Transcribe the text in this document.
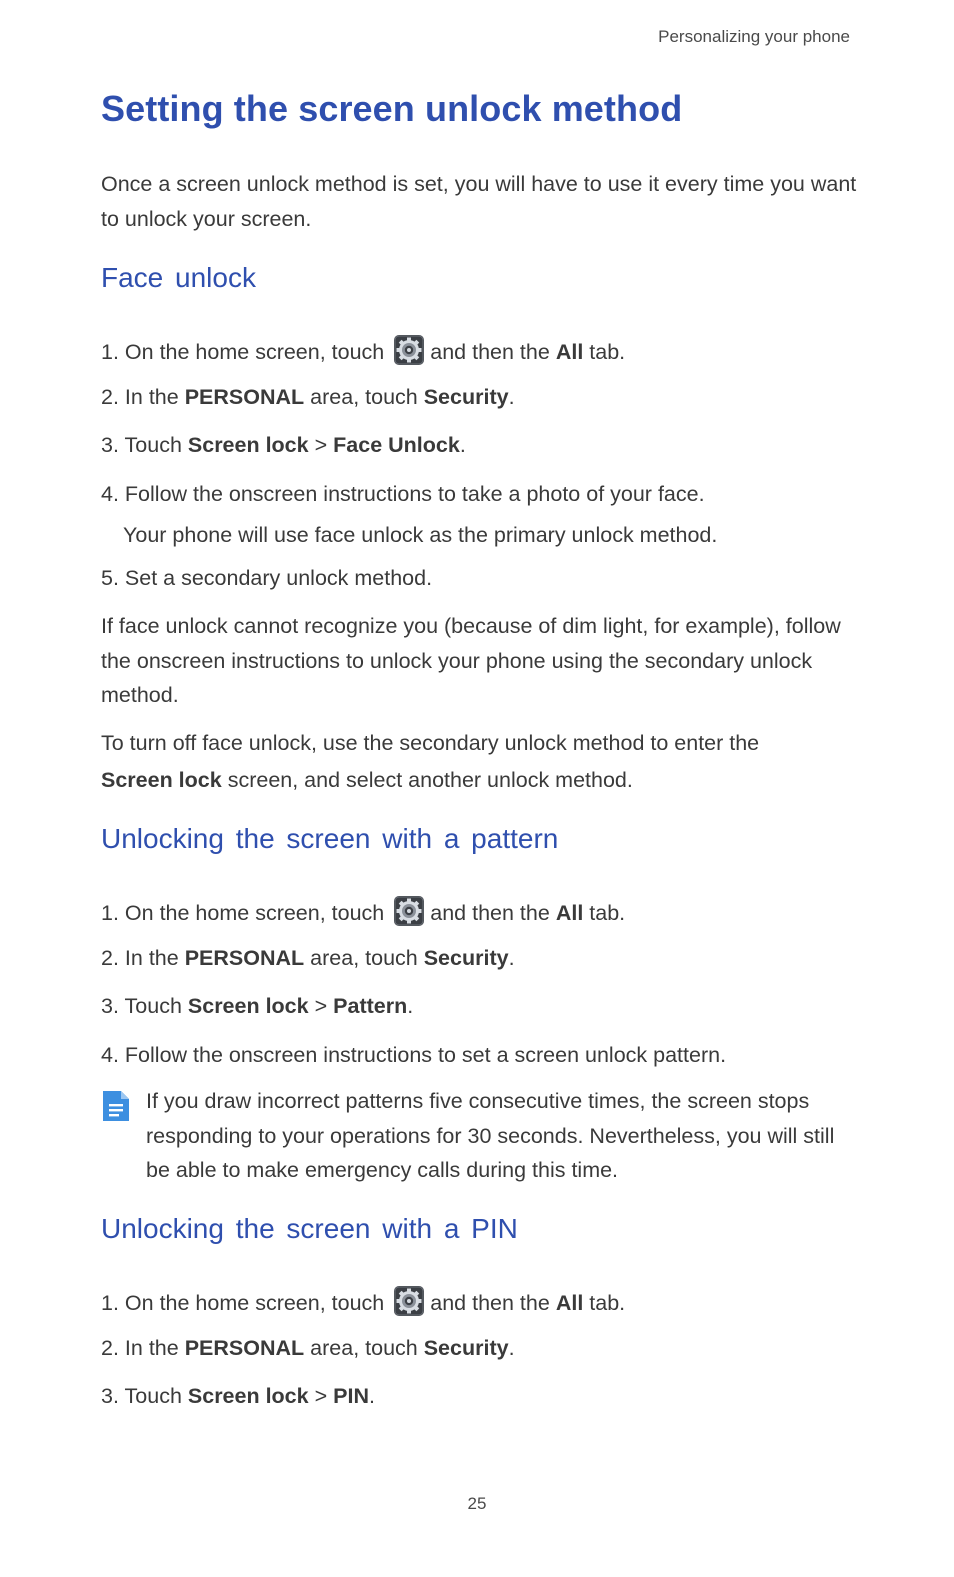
Personalizing your phone
Setting the screen unlock method

Once a screen unlock method is set, you will have to use it every time you want to unlock your screen.

Face unlock
1. On the home screen, touch and then the All tab.
2. In the PERSONAL area, touch Security.
3. Touch Screen lock > Face Unlock.
4. Follow the onscreen instructions to take a photo of your face.
Your phone will use face unlock as the primary unlock method.
5. Set a secondary unlock method.

If face unlock cannot recognize you (because of dim light, for example), follow the onscreen instructions to unlock your phone using the secondary unlock method.

To turn off face unlock, use the secondary unlock method to enter the
Screen lock screen, and select another unlock method.

Unlocking the screen with a pattern
1. On the home screen, touch and then the All tab.
2. In the PERSONAL area, touch Security.
3. Touch Screen lock > Pattern.
4. Follow the onscreen instructions to set a screen unlock pattern.

If you draw incorrect patterns five consecutive times, the screen stops responding to your operations for 30 seconds. Nevertheless, you will still be able to make emergency calls during this time.

Unlocking the screen with a PIN
1. On the home screen, touch and then the All tab.
2. In the PERSONAL area, touch Security.
3. Touch Screen lock > PIN.
25
